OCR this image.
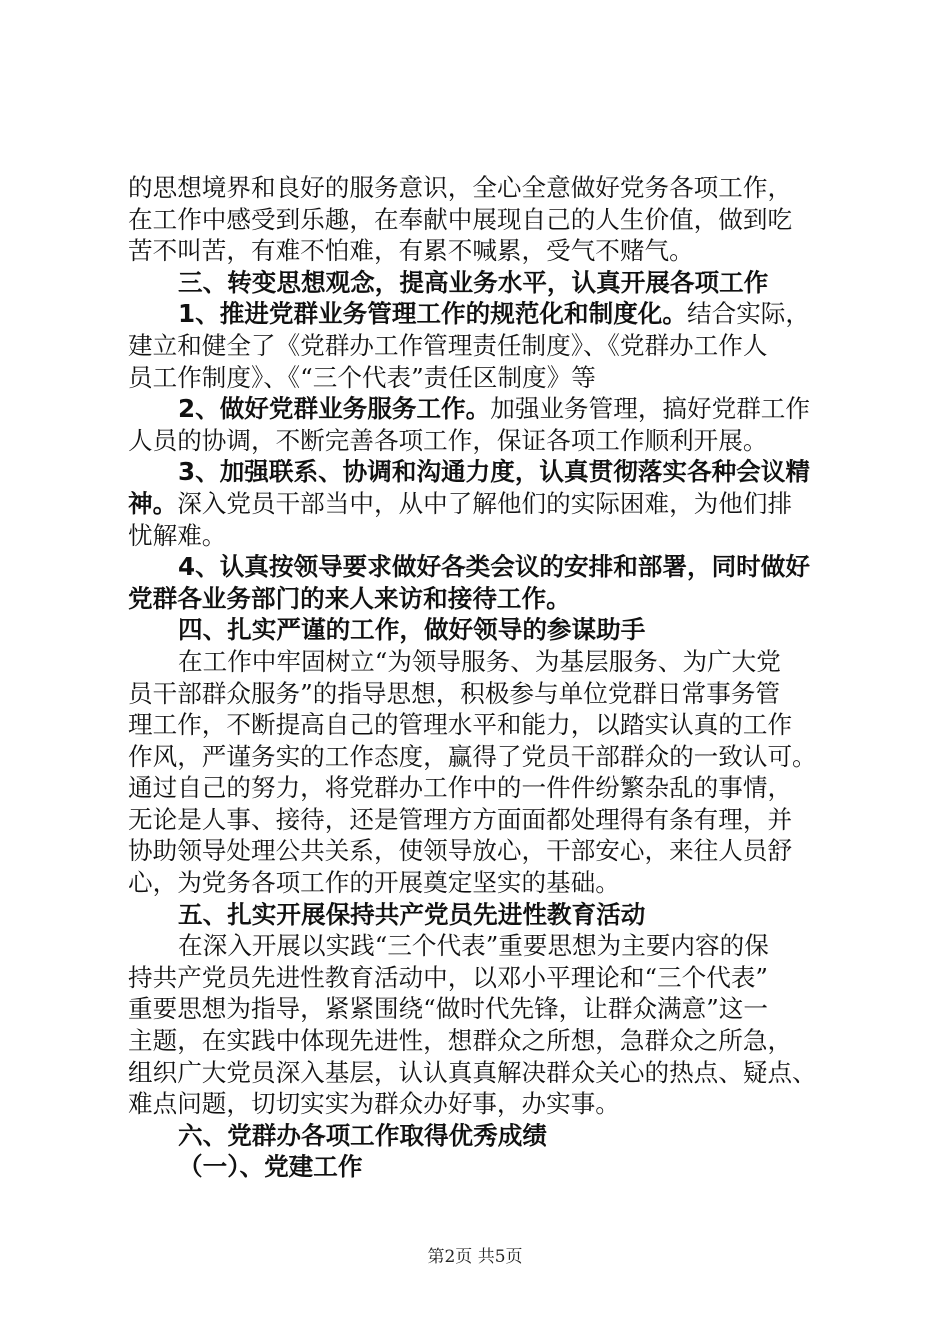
的思想境界和良好的服务意识，全心全意做好党务各项工作，
在工作中感受到乐趣，在奉献中展现自己的人生价值，做到吃
苦不叫苦，有难不怕难，有累不喊累，受气不赌气。
三、转变思想观念，提高业务水平，认真开展各项工作
1、推进党群业务管理工作的规范化和制度化。结合实际，
建立和健全了《党群办工作管理责任制度》、《党群办工作人
员工作制度》、《“三个代表”责任区制度》等
2、做好党群业务服务工作。加强业务管理，搞好党群工作
人员的协调，不断完善各项工作，保证各项工作顺利开展。
3、加强联系、协调和沟通力度，认真贯彻落实各种会议精
神。深入党员干部当中，从中了解他们的实际困难，为他们排
忧解难。
4、认真按领导要求做好各类会议的安排和部署，同时做好
党群各业务部门的来人来访和接待工作。
四、扎实严谨的工作，做好领导的参谋助手
在工作中牢固树立“为领导服务、为基层服务、为广大党
员干部群众服务”的指导思想，积极参与单位党群日常事务管
理工作，不断提高自己的管理水平和能力，以踏实认真的工作
作风，严谨务实的工作态度，赢得了党员干部群众的一致认可。
通过自己的努力，将党群办工作中的一件件纷繁杂乱的事情，
无论是人事、接待，还是管理方方面面都处理得有条有理，并
协助领导处理公共关系，使领导放心，干部安心，来往人员舒
心，为党务各项工作的开展奠定坚实的基础。
五、扎实开展保持共产党员先进性教育活动
在深入开展以实践“三个代表”重要思想为主要内容的保
持共产党员先进性教育活动中，以邓小平理论和“三个代表”
重要思想为指导，紧紧围绕“做时代先锋，让群众满意”这一
主题，在实践中体现先进性，想群众之所想，急群众之所急，
组织广大党员深入基层，认认真真解决群众关心的热点、疑点、
难点问题，切切实实为群众办好事，办实事。
六、党群办各项工作取得优秀成绩
（一）、党建工作
第2页 共5页
